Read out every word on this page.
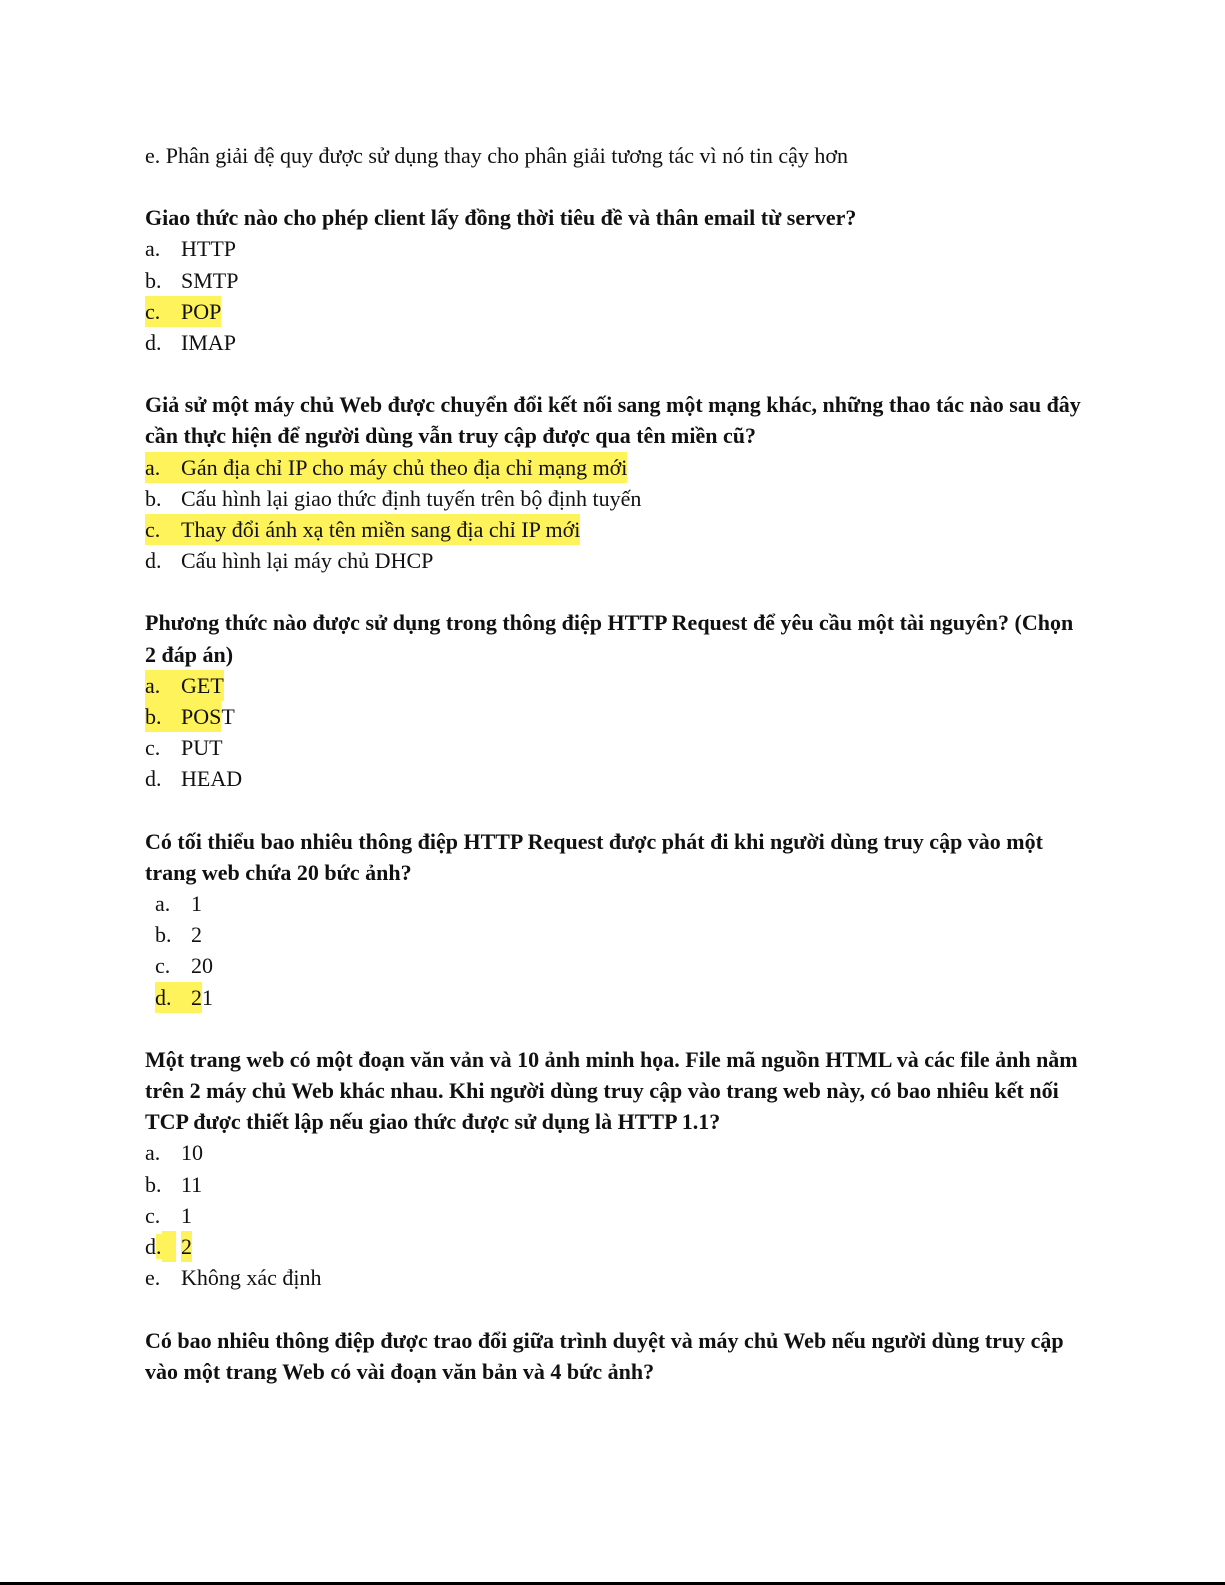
e. Phân giải đệ quy được sử dụng thay cho phân giải tương tác vì nó tin cậy hơn
Giao thức nào cho phép client lấy đồng thời tiêu đề và thân email từ server?
a. HTTP
b. SMTP
c. POP
d. IMAP
Giả sử một máy chủ Web được chuyển đổi kết nối sang một mạng khác, những thao tác nào sau đây cần thực hiện để người dùng vẫn truy cập được qua tên miền cũ?
a. Gán địa chỉ IP cho máy chủ theo địa chỉ mạng mới
b. Cấu hình lại giao thức định tuyến trên bộ định tuyến
c. Thay đổi ánh xạ tên miền sang địa chỉ IP mới
d. Cấu hình lại máy chủ DHCP
Phương thức nào được sử dụng trong thông điệp HTTP Request để yêu cầu một tài nguyên? (Chọn 2 đáp án)
a. GET
b. POS T
c. PUT
d. HEAD
Có tối thiểu bao nhiêu thông điệp HTTP Request được phát đi khi người dùng truy cập vào một trang web chứa 20 bức ảnh?
a. 1
b. 2
c. 20
d. 2 1
Một trang web có một đoạn văn vản và 10 ảnh minh họa. File mã nguồn HTML và các file ảnh nằm trên 2 máy chủ Web khác nhau. Khi người dùng truy cập vào trang web này, có bao nhiêu kết nối TCP được thiết lập nếu giao thức được sử dụng là HTTP 1.1?
a. 10
b. 11
c. 1
d. 2
e. Không xác định
Có bao nhiêu thông điệp được trao đổi giữa trình duyệt và máy chủ Web nếu người dùng truy cập vào một trang Web có vài đoạn văn bản và 4 bức ảnh?
